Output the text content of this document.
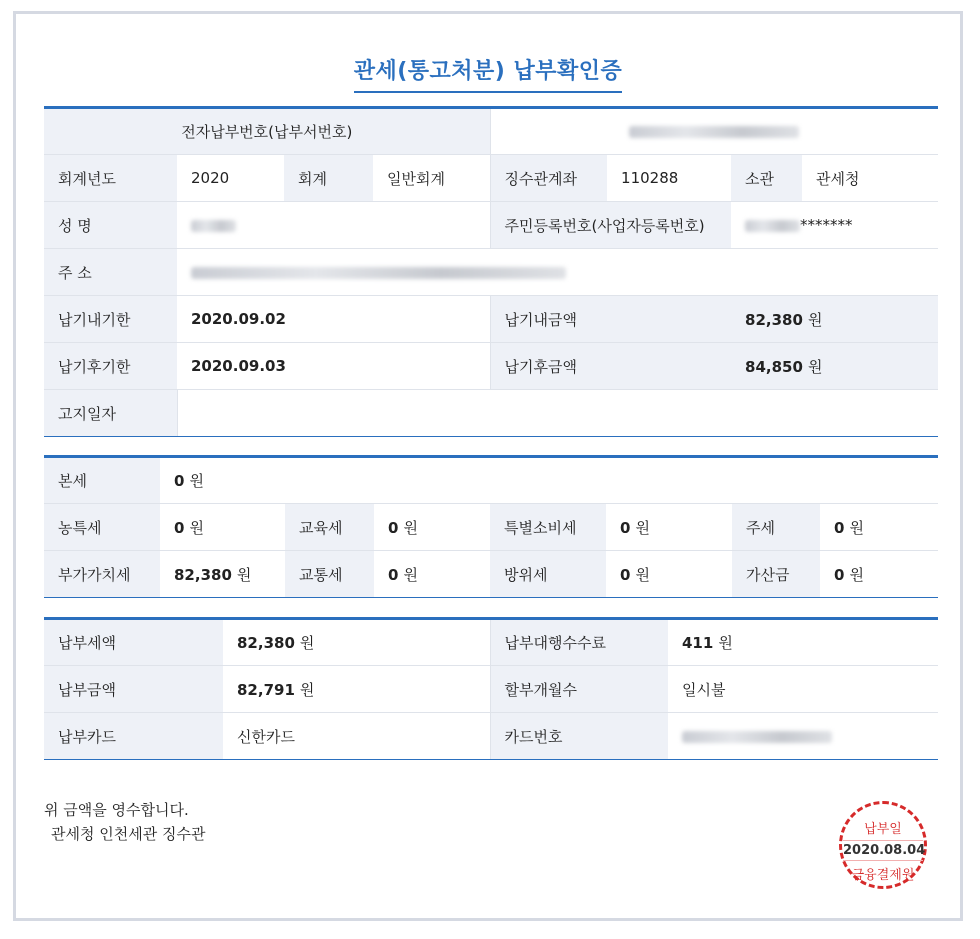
관세(통고처분) 납부확인증
전자납부번호(납부서번호)							
회계년도	2020	회계	일반회계	징수관계좌	110288	소관	관세청
성 명				주민등록번호(사업자등록번호)		*******	
주 소							
납기내기한	2020.09.02			납기내금액		82,380 원	
납기후기한	2020.09.03			납기후금액		84,850 원	
고지일자							
본세	0 원						
농특세	0 원	교육세	0 원	특별소비세	0 원	주세	0 원
부가가치세	82,380 원	교통세	0 원	방위세	0 원	가산금	0 원
납부세액	82,380 원	납부대행수수료	411 원
납부금액	82,791 원	할부개월수	일시불
납부카드	신한카드	카드번호	
위 금액을 영수합니다.
관세청 인천세관 징수관	납부일
2020.08.04
금융결제원
